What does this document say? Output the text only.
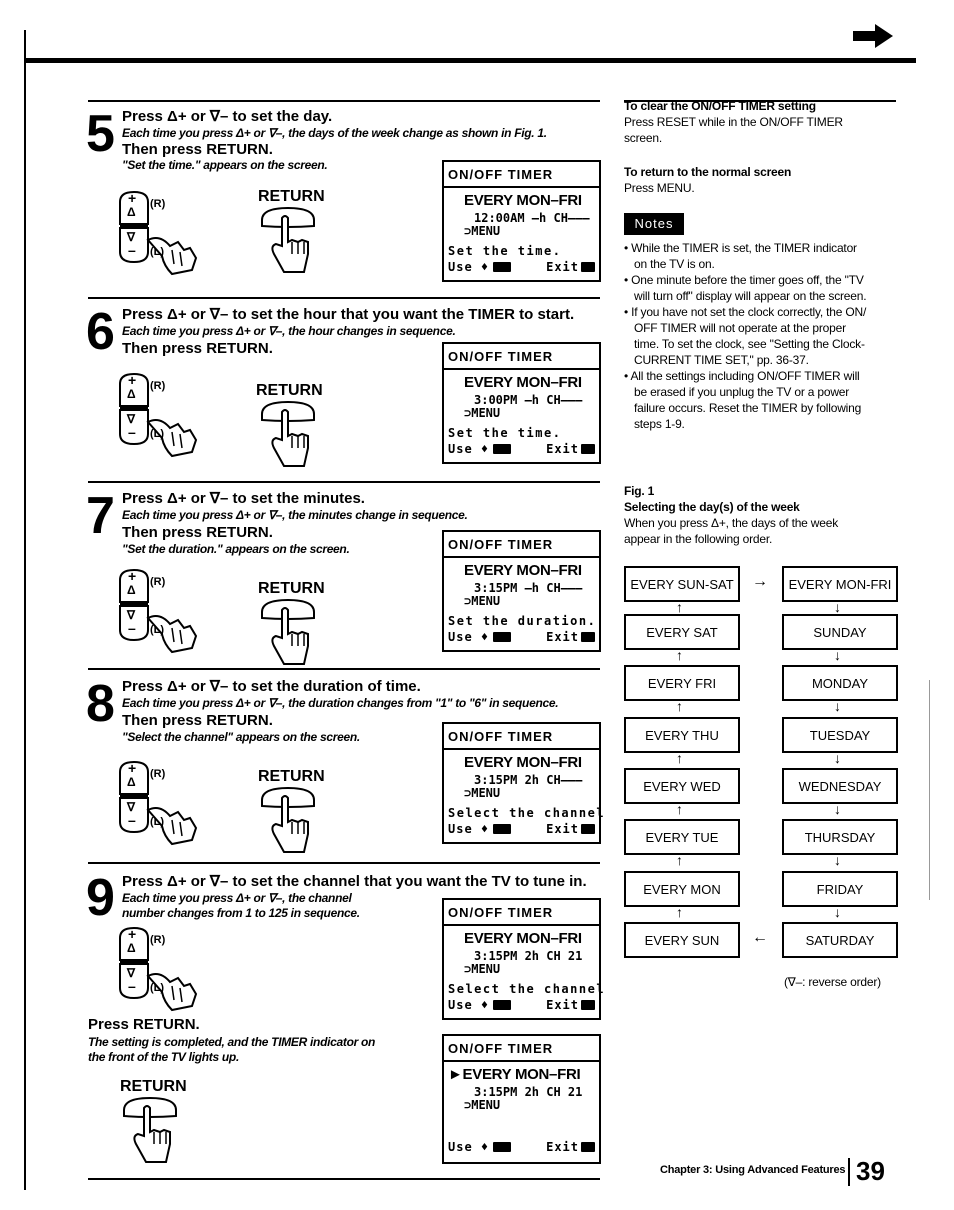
5 Press Δ+ or ∇– to set the day.
Each time you press Δ+ or ∇–, the days of the week change as shown in Fig. 1.
Then press RETURN.
"Set the time." appears on the screen.
RETURN
6 Press Δ+ or ∇– to set the hour that you want the TIMER to start.
Each time you press Δ+ or ∇–, the hour changes in sequence.
Then press RETURN.
RETURN
7 Press Δ+ or ∇– to set the minutes.
Each time you press Δ+ or ∇–, the minutes change in sequence.
Then press RETURN.
"Set the duration." appears on the screen.
RETURN
8 Press Δ+ or ∇– to set the duration of time.
Each time you press Δ+ or ∇–, the duration changes from "1" to "6" in sequence.
Then press RETURN.
"Select the channel" appears on the screen.
RETURN
9 Press Δ+ or ∇– to set the channel that you want the TV to tune in.
Each time you press Δ+ or ∇–, the channel
number changes from 1 to 125 in sequence.
Press RETURN.
The setting is completed, and the TIMER indicator on
the front of the TV lights up.
RETURN
+
Δ
∇
–
(R)
(L)
+
Δ
∇
–
(R)
(L)
+
Δ
∇
–
(R)
(L)
+
Δ
∇
–
(R)
(L)
+
Δ
∇
–
(R)
(L)
ON/OFF TIMER
EVERY MON–FRI
12:00AM –h CH–––
⊃MENU
Set the time.
Use ♦	Exit
ON/OFF TIMER
EVERY MON–FRI
3:00PM –h CH–––
⊃MENU
Set the time.
Use ♦	Exit
ON/OFF TIMER
EVERY MON–FRI
3:15PM –h CH–––
⊃MENU
Set the duration.
Use ♦	Exit
ON/OFF TIMER
EVERY MON–FRI
3:15PM 2h CH–––
⊃MENU
Select the channel
Use ♦	Exit
ON/OFF TIMER
EVERY MON–FRI
3:15PM 2h CH 21
⊃MENU
Select the channel
Use ♦	Exit
ON/OFF TIMER
►EVERY MON–FRI
3:15PM 2h CH 21
⊃MENU
Use ♦	Exit
To clear the ON/OFF TIMER setting
Press RESET while in the ON/OFF TIMER
screen.
To return to the normal screen
Press MENU.
Notes
• While the TIMER is set, the TIMER indicator
on the TV is on.
• One minute before the timer goes off, the "TV
will turn off" display will appear on the screen.
• If you have not set the clock correctly, the ON/
OFF TIMER will not operate at the proper
time. To set the clock, see "Setting the Clock-
CURRENT TIME SET," pp. 36-37.
• All the settings including ON/OFF TIMER will
be erased if you unplug the TV or a power
failure occurs. Reset the TIMER by following
steps 1-9.
Fig. 1
Selecting the day(s) of the week
When you press Δ+, the days of the week
appear in the following order.
EVERY SUN-SAT	EVERY MON-FRI
↑	↓
EVERY SAT	SUNDAY
↑	↓
EVERY FRI	MONDAY
↑	↓
EVERY THU	TUESDAY
↑	↓
EVERY WED	WEDNESDAY
↑	↓
EVERY TUE	THURSDAY
↑	↓
EVERY MON	FRIDAY
↑	↓
EVERY SUN	SATURDAY
→
←
(∇–: reverse order)
Chapter 3: Using Advanced Features 39
